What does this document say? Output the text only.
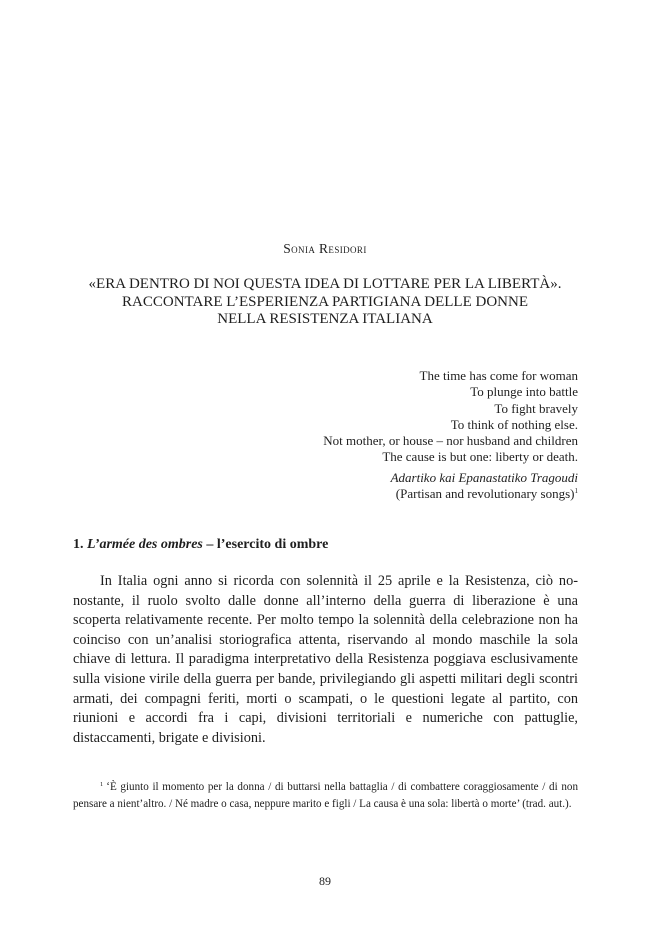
Sonia Residori
«ERA DENTRO DI NOI QUESTA IDEA DI LOTTARE PER LA LIBERTÀ».
RACCONTARE L’ESPERIENZA PARTIGIANA DELLE DONNE
NELLA RESISTENZA ITALIANA
The time has come for woman
To plunge into battle
To fight bravely
To think of nothing else.
Not mother, or house – nor husband and children
The cause is but one: liberty or death.
Adartiko kai Epanastatiko Tragoudi
(Partisan and revolutionary songs)$^1$
1. L’armée des ombres – l’esercito di ombre

In Italia ogni anno si ricorda con solennità il 25 aprile e la Resistenza, ciò nonostante, il ruolo svolto dalle donne all’interno della guerra di liberazione è una scoperta relativamente recente. Per molto tempo la solennità della celebrazione non ha coinciso con un’analisi storiografica attenta, riservando al mondo maschile la sola chiave di lettura. Il paradigma interpretativo della Resistenza poggiava esclusivamente sulla visione virile della guerra per bande, privilegiando gli aspetti militari degli scontri armati, dei compagni feriti, morti o scampati, o le questioni legate al partito, con riunioni e accordi fra i capi, divisioni territoriali e numeriche con pattuglie, distaccamenti, brigate e divisioni.

$^1$ ‘È giunto il momento per la donna / di buttarsi nella battaglia / di combattere coraggiosamente / di non pensare a nient’altro. / Né madre o casa, neppure marito e figli / La causa è una sola: libertà o morte’ (trad. aut.).

89
